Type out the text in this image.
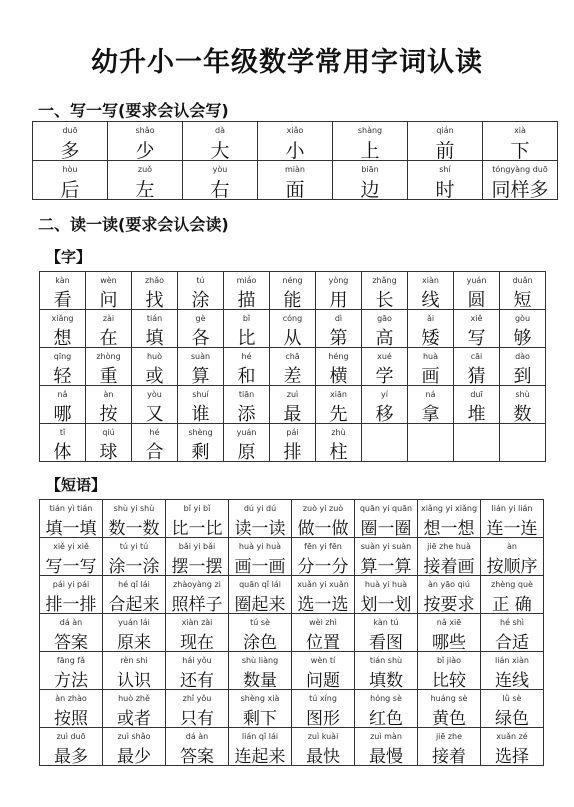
幼升小一年级数学常用字词认读
一、写一写(要求会认会写)
duō
多
shǎo
少
dà
大
xiǎo
小
shàng
上
qián
前
xià
下
hòu
后
zuǒ
左
yòu
右
miàn
面
biān
边
shí
时
tóngyàng duō
同样多
二、读一读(要求会认会读)
【字】
kàn
看
wèn
问
zhǎo
找
tú
涂
miáo
描
néng
能
yòng
用
zhǎng
长
xiàn
线
yuán
圆
duǎn
短
xiǎng
想
zài
在
tián
填
gè
各
bǐ
比
cóng
从
dì
第
gāo
高
ǎi
矮
xiě
写
gòu
够
qīng
轻
zhòng
重
huò
或
suàn
算
hé
和
chā
差
héng
横
xué
学
huà
画
cāi
猜
dào
到
nǎ
哪
àn
按
yòu
又
shuí
谁
tiān
添
zuì
最
xiān
先
yí
移
ná
拿
duī
堆
shù
数
tǐ
体
qiú
球
hé
合
shèng
剩
yuán
原
pái
排
zhù
柱
【短语】
tián yì tián
填一填
shù yi shù
数一数
bǐ yi bǐ
比一比
dú yi dú
读一读
zuò yi zuò
做一做
quān yi quān
圈一圈
xiǎng yi xiǎng
想一想
lián yi lián
连一连
xiě yi xiě
写一写
tú yi tú
涂一涂
bǎi yi bǎi
摆一摆
huà yi huà
画一画
fēn yi fēn
分一分
suàn yi suàn
算一算
jiē zhe huà
接着画
àn
按顺序
pái yi pái
排一排
hé qǐ lái
合起来
zhàoyàng zi
照样子
quān qǐ lái
圈起来
xuǎn yi xuǎn
选一选
huà yi huà
划一划
àn yāo qiú
按要求
zhèng què
正 确
dá àn
答案
yuán lái
原来
xiàn zài
现在
tú sè
涂色
wèi zhì
位置
kàn tú
看图
nǎ xiē
哪些
hé shì
合适
fāng fǎ
方法
rèn shi
认识
hái yǒu
还有
shù liàng
数量
wèn tí
问题
tián shù
填数
bǐ jiào
比较
lián xiàn
连线
àn zhào
按照
huò zhě
或者
zhǐ yǒu
只有
shèng xià
剩下
tú xíng
图形
hóng sè
红色
huáng sè
黄色
lǜ sè
绿色
zuì duō
最多
zuì shǎo
最少
dá àn
答案
lián qǐ lái
连起来
zuì kuài
最快
zuì màn
最慢
jiē zhe
接着
xuǎn zé
选择
